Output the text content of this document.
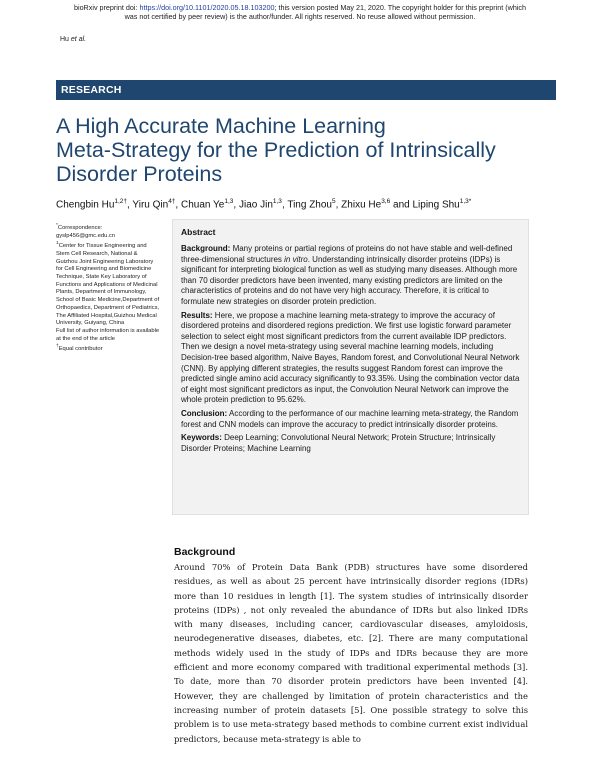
bioRxiv preprint doi: https://doi.org/10.1101/2020.05.18.103200; this version posted May 21, 2020. The copyright holder for this preprint (which
was not certified by peer review) is the author/funder. All rights reserved. No reuse allowed without permission.
Hu et al.
RESEARCH
A High Accurate Machine Learning
Meta-Strategy for the Prediction of Intrinsically
Disorder Proteins
Chengbin $Hu^{1,2\dagger}$, Yiru Qin$^{4\dagger}$, Chuan Ye$^{1,3}$, Jiao Jin$^{1,3}$, Ting Zhou$^5$, Zhixu He$^{3,6}$ and Liping Shu$^{1,3*}$

*Correspondence:

gyslp456@gmc.edu.cn

$^1$Center for Tissue Engineering and Stem Cell Research, National & Guizhou Joint Engineering Laboratory for Cell Engineering and Biomedicine Technique, State Key Laboratory of Functions and Applications of Medicinal Plants, Department of Immunology, School of Basic Medicine,Department of Orthopaedics, Department of Pediatrics, The Affiliated Hospital,Guizhou Medical University, Guiyang, China

Full list of author information is available at the end of the article

†Equal contributor

Abstract

Background: Many proteins or partial regions of proteins do not have stable and well-defined three-dimensional structures in vitro. Understanding intrinsically disorder proteins (IDPs) is significant for interpreting biological function as well as studying many diseases. Although more than 70 disorder predictors have been invented, many existing predictors are limited on the characteristics of proteins and do not have very high accuracy. Therefore, it is critical to formulate new strategies on disorder protein prediction.

Results: Here, we propose a machine learning meta-strategy to improve the accuracy of disordered proteins and disordered regions prediction. We first use logistic forward parameter selection to select eight most significant predictors from the current available IDP predictors. Then we design a novel meta-strategy using several machine learning models, including Decision-tree based algorithm, Naive Bayes, Random forest, and Convolutional Neural Network (CNN). By applying different strategies, the results suggest Random forest can improve the predicted single amino acid accuracy significantly to 93.35%. Using the combination vector data of eight most significant predictors as input, the Convolution Neural Network can improve the whole protein prediction to 95.62%.

Conclusion: According to the performance of our machine learning meta-strategy, the Random forest and CNN models can improve the accuracy to predict intrinsically disorder proteins.

Keywords: Deep Learning; Convolutional Neural Network; Protein Structure; Intrinsically Disorder Proteins; Machine Learning

Background

Around 70% of Protein Data Bank (PDB) structures have some disordered residues, as well as about 25 percent have intrinsically disorder regions (IDRs) more than 10 residues in length [1]. The system studies of intrinsically disorder proteins (IDPs) , not only revealed the abundance of IDRs but also linked IDRs with many diseases, including cancer, cardiovascular diseases, amyloidosis, neurodegenerative diseases, diabetes, etc. [2]. There are many computational methods widely used in the study of IDPs and IDRs because they are more efficient and more economy compared with traditional experimental methods [3]. To date, more than 70 disorder protein predictors have been invented [4]. However, they are challenged by limitation of protein characteristics and the increasing number of protein datasets [5]. One possible strategy to solve this problem is to use meta-strategy based methods to combine current exist individual predictors, because meta-strategy is able to
